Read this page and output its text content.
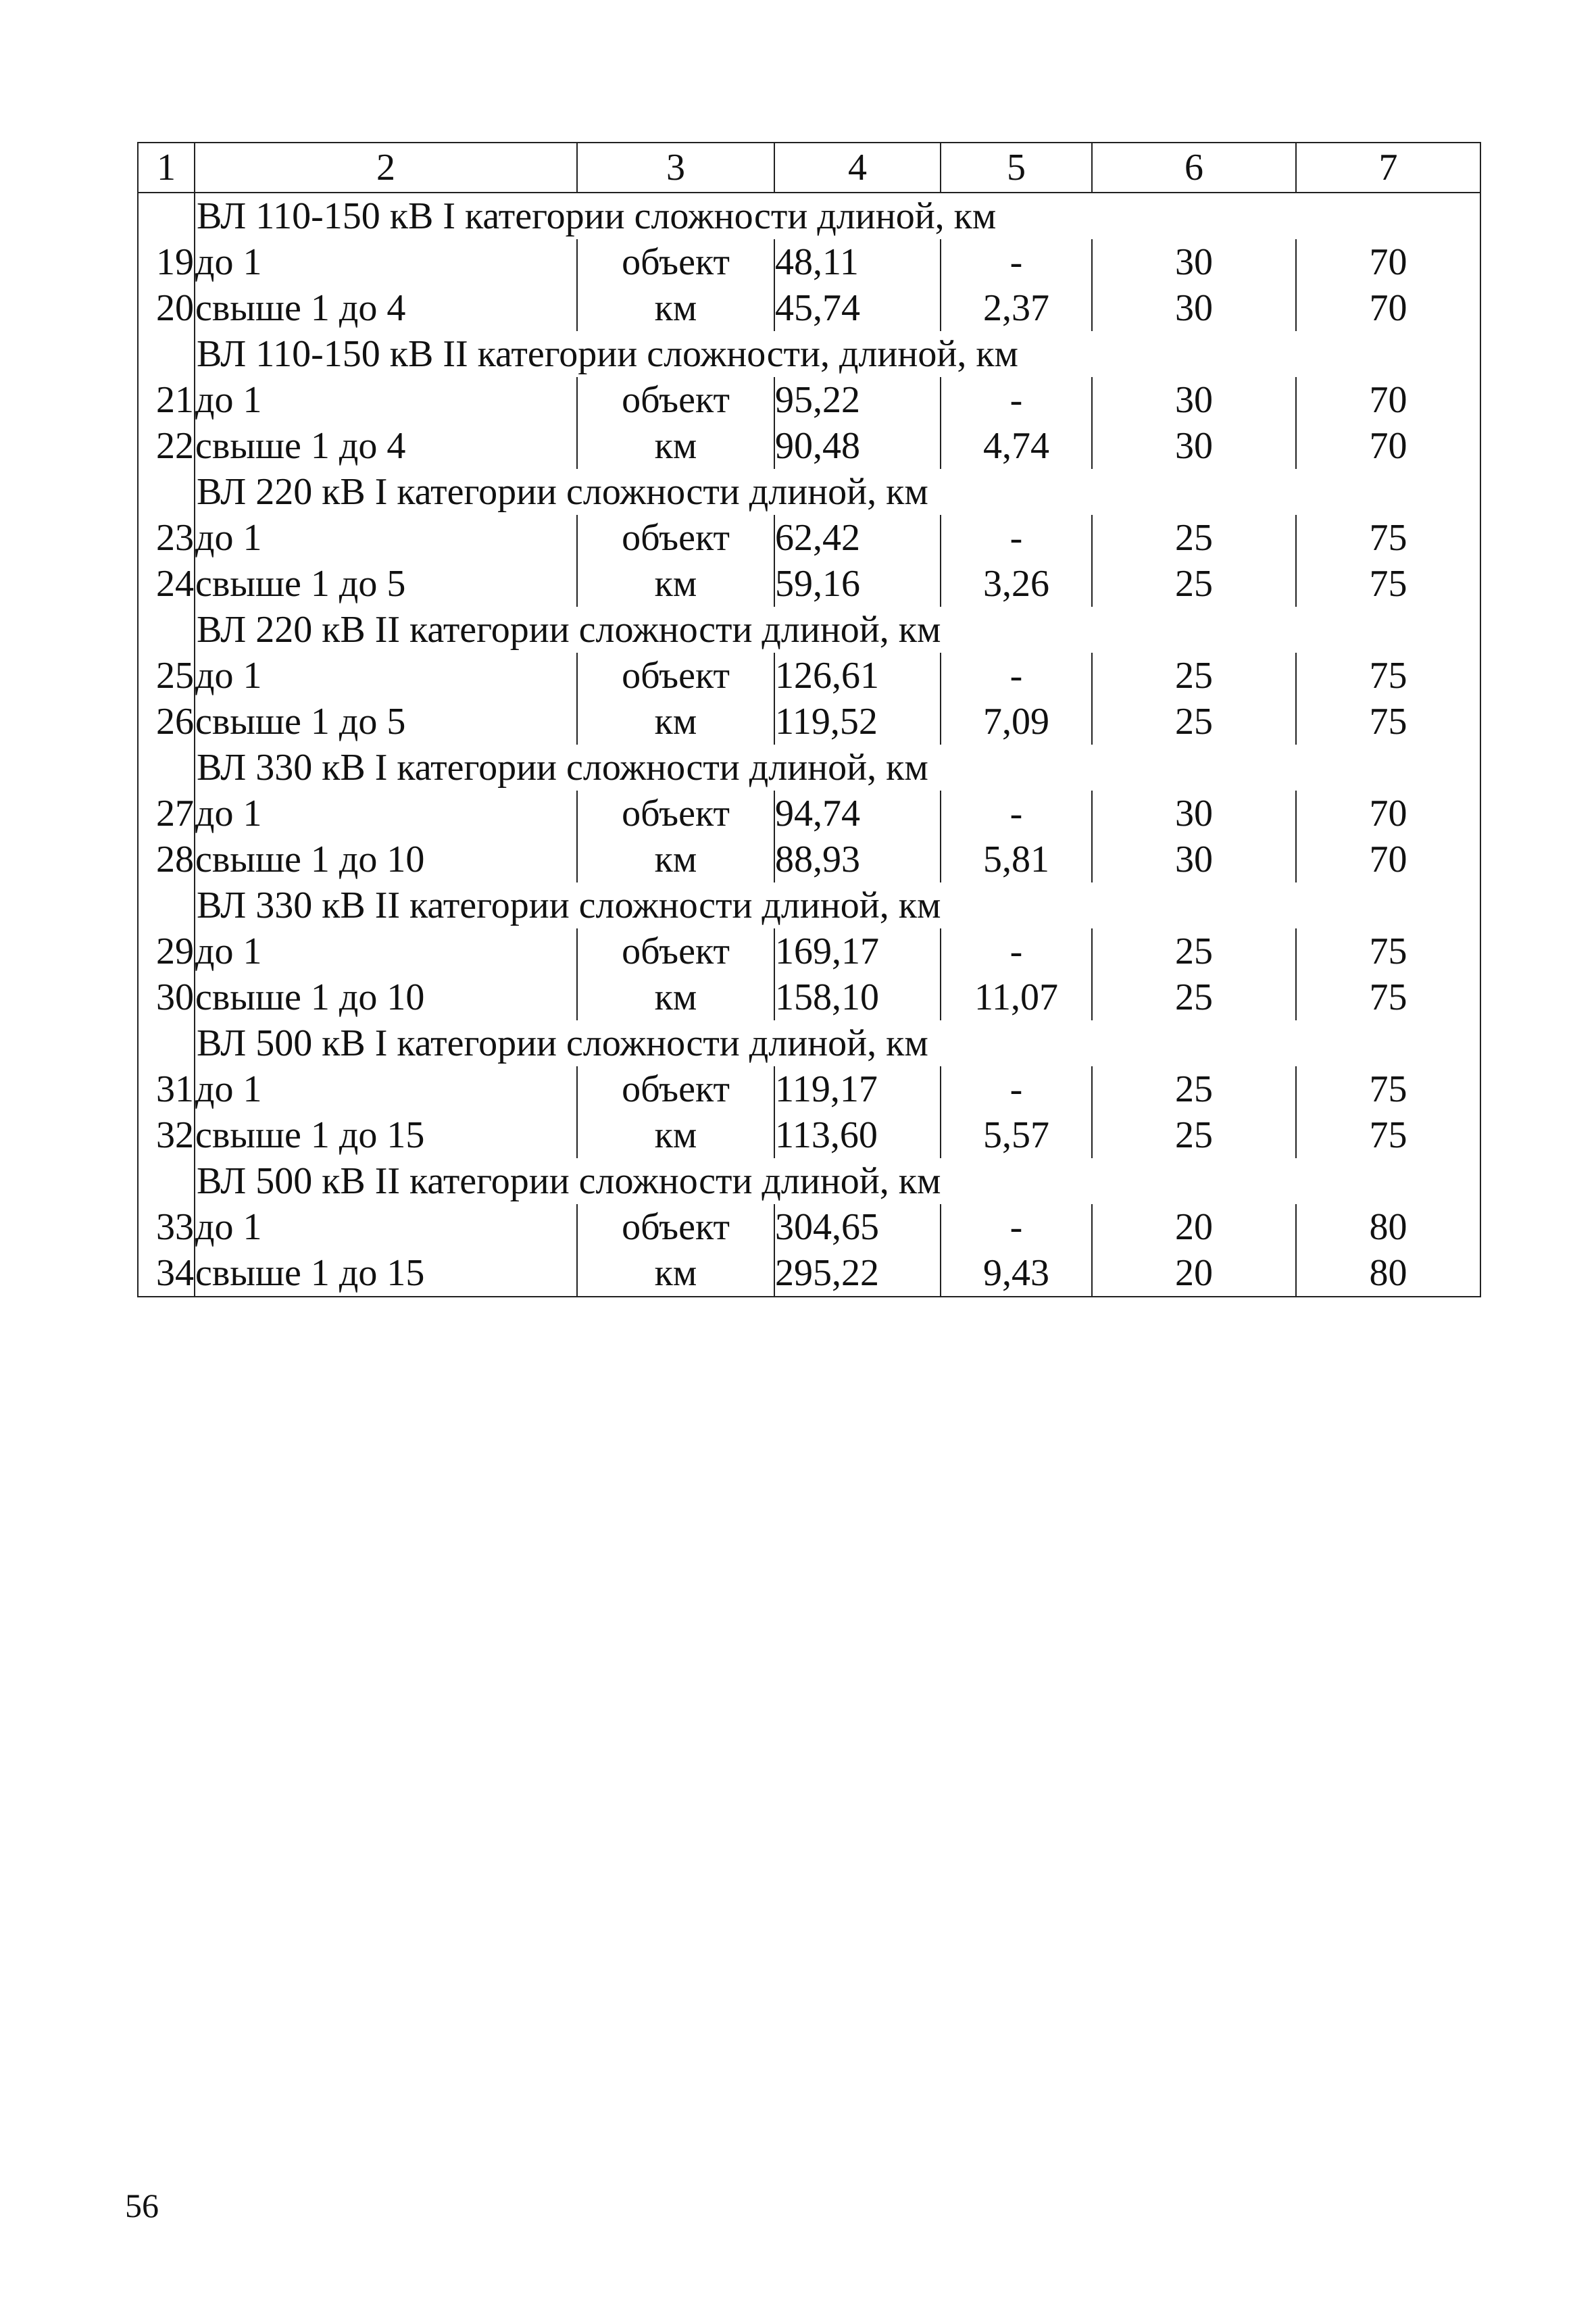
1	2	3	4	5	6	7
	ВЛ 110-150 кВ I категории сложности длиной, км					
19	до 1	объект	48,11	-	30	70
20	свыше 1 до 4	км	45,74	2,37	30	70
	ВЛ 110-150 кВ II категории сложности, длиной, км					
21	до 1	объект	95,22	-	30	70
22	свыше 1 до 4	км	90,48	4,74	30	70
	ВЛ 220 кВ I категории сложности длиной, км					
23	до 1	объект	62,42	-	25	75
24	свыше 1 до 5	км	59,16	3,26	25	75
	ВЛ 220 кВ II категории сложности длиной, км					
25	до 1	объект	126,61	-	25	75
26	свыше 1 до 5	км	119,52	7,09	25	75
	ВЛ 330 кВ I категории сложности длиной, км					
27	до 1	объект	94,74	-	30	70
28	свыше 1 до 10	км	88,93	5,81	30	70
	ВЛ 330 кВ II категории сложности длиной, км					
29	до 1	объект	169,17	-	25	75
30	свыше 1 до 10	км	158,10	11,07	25	75
	ВЛ 500 кВ I категории сложности длиной, км					
31	до 1	объект	119,17	-	25	75
32	свыше 1 до 15	км	113,60	5,57	25	75
	ВЛ 500 кВ II категории сложности длиной, км					
33	до 1	объект	304,65	-	20	80
34	свыше 1 до 15	км	295,22	9,43	20	80
56
